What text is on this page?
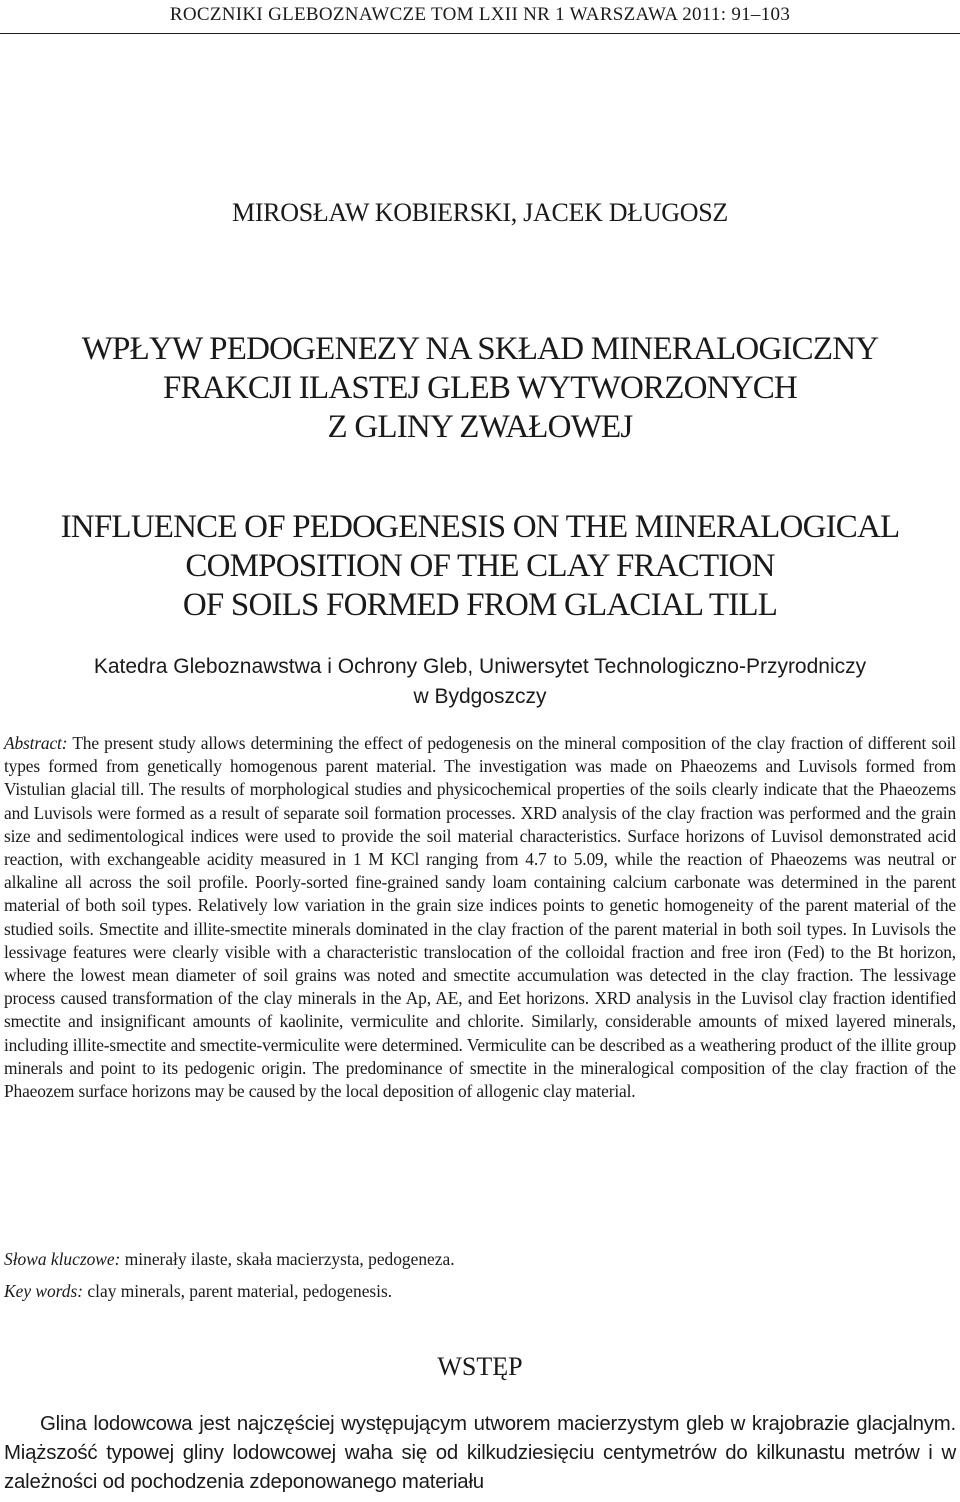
ROCZNIKI GLEBOZNAWCZE TOM LXII NR 1 WARSZAWA 2011: 91–103
MIROSŁAW KOBIERSKI, JACEK DŁUGOSZ
WPŁYW PEDOGENEZY NA SKŁAD MINERALOGICZNY
FRAKCJI ILASTEJ GLEB WYTWORZONYCH
Z GLINY ZWAŁOWEJ
INFLUENCE OF PEDOGENESIS ON THE MINERALOGICAL
COMPOSITION OF THE CLAY FRACTION
OF SOILS FORMED FROM GLACIAL TILL
Katedra Gleboznawstwa i Ochrony Gleb, Uniwersytet Technologiczno-Przyrodniczy
w Bydgoszczy
Abstract: The present study allows determining the effect of pedogenesis on the mineral composition of the clay fraction of different soil types formed from genetically homogenous parent material. The investigation was made on Phaeozems and Luvisols formed from Vistulian glacial till. The results of morphological studies and physicochemical properties of the soils clearly indicate that the Phaeozems and Luvisols were formed as a result of separate soil formation processes. XRD analysis of the clay fraction was performed and the grain size and sedimentological indices were used to provide the soil material characteristics. Surface horizons of Luvisol demonstrated acid reaction, with exchangeable acidity measured in 1 M KCl ranging from 4.7 to 5.09, while the reaction of Phaeozems was neutral or alkaline all across the soil profile. Poorly-sorted fine-grained sandy loam containing calcium carbonate was determined in the parent material of both soil types. Relatively low variation in the grain size indices points to genetic homogeneity of the parent material of the studied soils. Smectite and illite-smectite minerals dominated in the clay fraction of the parent material in both soil types. In Luvisols the lessivage features were clearly visible with a characteristic translocation of the colloidal fraction and free iron (Fed) to the Bt horizon, where the lowest mean diameter of soil grains was noted and smectite accumulation was detected in the clay fraction. The lessivage process caused transformation of the clay minerals in the Ap, AE, and Eet horizons. XRD analysis in the Luvisol clay fraction identified smectite and insignificant amounts of kaolinite, vermiculite and chlorite. Similarly, considerable amounts of mixed layered minerals, including illite-smectite and smectite-vermiculite were determined. Vermiculite can be described as a weathering product of the illite group minerals and point to its pedogenic origin. The predominance of smectite in the mineralogical composition of the clay fraction of the Phaeozem surface horizons may be caused by the local deposition of allogenic clay material.
Słowa kluczowe: minerały ilaste, skała macierzysta, pedogeneza.
Key words: clay minerals, parent material, pedogenesis.
WSTĘP
Glina lodowcowa jest najczęściej występującym utworem macierzystym gleb w krajobrazie glacjalnym. Miąższość typowej gliny lodowcowej waha się od kilkudziesięciu centymetrów do kilkunastu metrów i w zależności od pochodzenia zdeponowanego materiału
